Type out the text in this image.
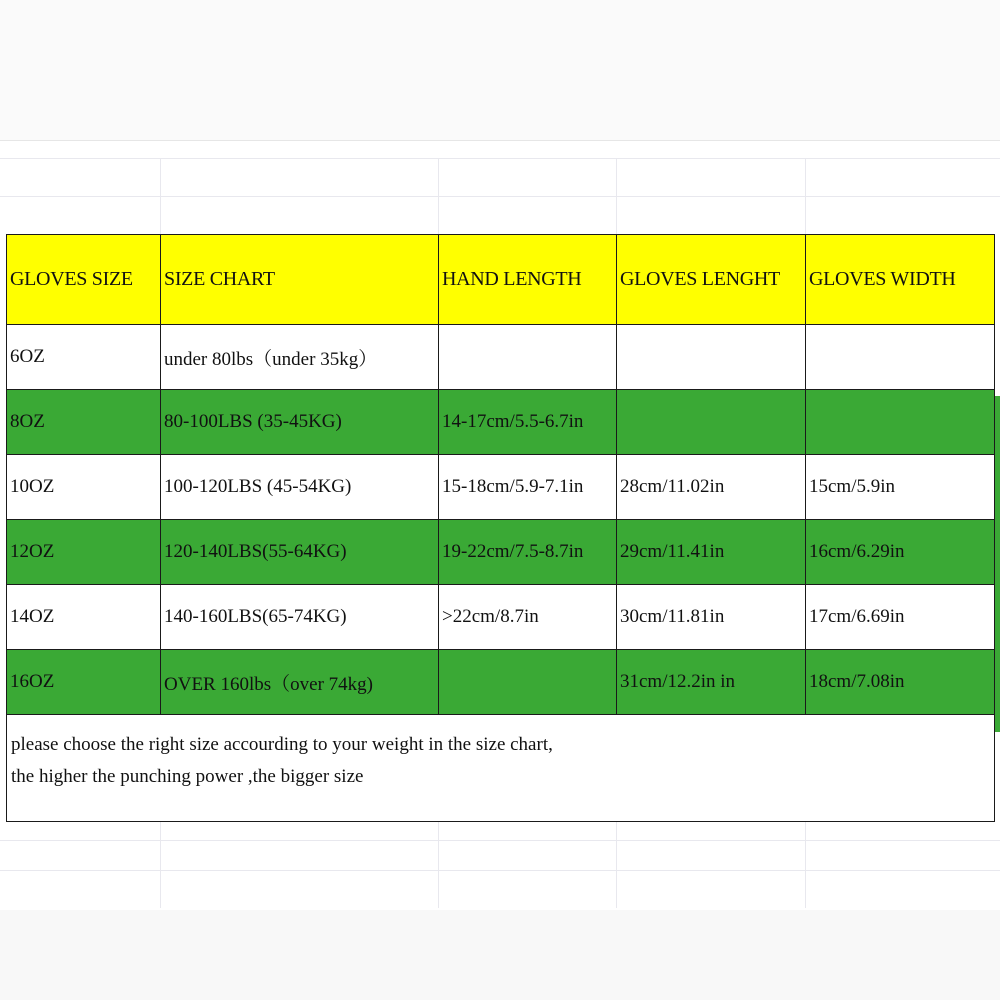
GLOVES SIZE	SIZE CHART	HAND LENGTH	GLOVES LENGHT	GLOVES WIDTH
6OZ	under 80lbs（under 35kg）			
8OZ	80-100LBS (35-45KG)	14-17cm/5.5-6.7in		
10OZ	100-120LBS (45-54KG)	15-18cm/5.9-7.1in	28cm/11.02in	15cm/5.9in
12OZ	120-140LBS(55-64KG)	19-22cm/7.5-8.7in	29cm/11.41in	16cm/6.29in
14OZ	140-160LBS(65-74KG)	>22cm/8.7in	30cm/11.81in	17cm/6.69in
16OZ	OVER 160lbs（over 74kg)		31cm/12.2in in	18cm/7.08in

please choose the right size accourding to your weight in the size chart,
the higher the punching power ,the bigger size				
